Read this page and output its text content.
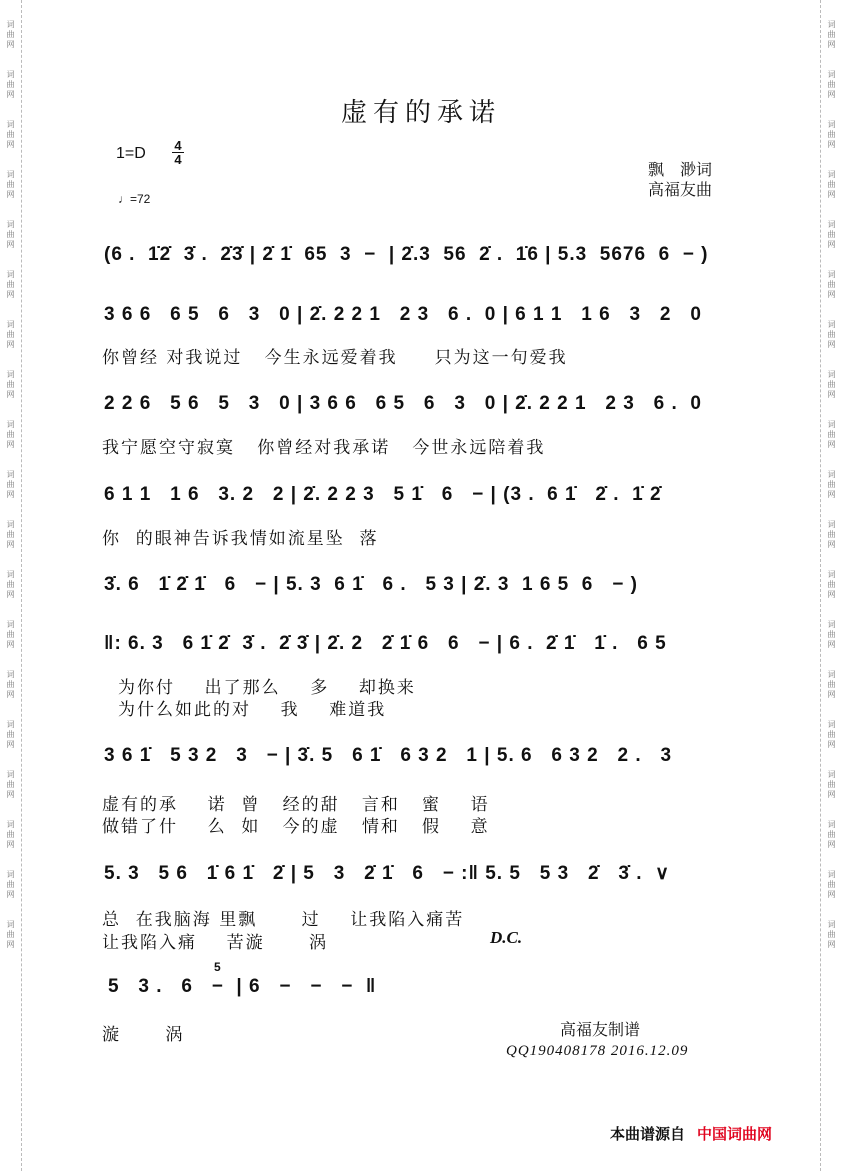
词
曲
网
词
曲
网
词
曲
网
词
曲
网
词
曲
网
词
曲
网
词
曲
网
词
曲
网
词
曲
网
词
曲
网
词
曲
网
词
曲
网
词
曲
网
词
曲
网
词
曲
网
词
曲
网
词
曲
网
词
曲
网
词
曲
网
词
曲
网
词
曲
网
词
曲
网
词
曲
网
词
曲
网
词
曲
网
词
曲
网
词
曲
网
词
曲
网
词
曲
网
词
曲
网
词
曲
网
词
曲
网
词
曲
网
词
曲
网
词
曲
网
词
曲
网
词
曲
网
词
曲
网
虚有的承诺
1=D 4
4
♩=72
飘　渺词
高福友曲
(6 .  1̇2̇  3̇ .  2̇3̇ | 2̇ 1̇  65  3  −  | 2̇.3  56  2̇ .  1̇6 | 5.3  5676  6  − )
3 6 6   6 5   6   3   0 | 2̇. 2 2 1   2 3   6 .  0 | 6 1 1   1 6   3   2   0
你曾经 对我说过   今生永远爱着我     只为这一句爱我
2 2 6   5 6   5   3   0 | 3 6 6   6 5   6   3   0 | 2̇. 2 2 1   2 3   6 .  0
我宁愿空守寂寞   你曾经对我承诺   今世永远陪着我
6 1 1   1 6   3. 2   2 | 2̇. 2 2 3   5 1̇   6   − | (3 .  6 1̇   2̇ .  1̇ 2̇
你  的眼神告诉我情如流星坠  落
3̇. 6   1̇ 2̇ 1̇   6   − | 5. 3  6 1̇   6 .   5 3 | 2̇. 3  1 6 5  6   − )
‖: 6. 3   6 1̇ 2̇  3̇ .  2̇ 3̇ | 2̇. 2   2̇ 1̇ 6   6   − | 6 .  2̇ 1̇   1̇ .   6 5
为你付    出了那么    多    却换来
为什么如此的对    我    难道我
3 6 1̇   5 3 2   3   − | 3̇. 5   6 1̇   6 3 2   1 | 5. 6   6 3 2   2 .   3
虚有的承    诺  曾   经的甜   言和   蜜    语
做错了什    么  如   今的虚   情和   假    意
5. 3   5 6   1̇ 6 1̇   2̇ | 5   3   2̇ 1̇   6   − :‖ 5. 5   5 3   2̇   3̇ .  ∨
总  在我脑海 里飘      过    让我陷入痛苦
让我陷入痛    苦漩      涡	D.C.
5   3 .   6   −  | 6   −   −   −  ‖
5
漩      涡	高福友制谱
QQ190408178 2016.12.09
本曲谱源自 中国词曲网
